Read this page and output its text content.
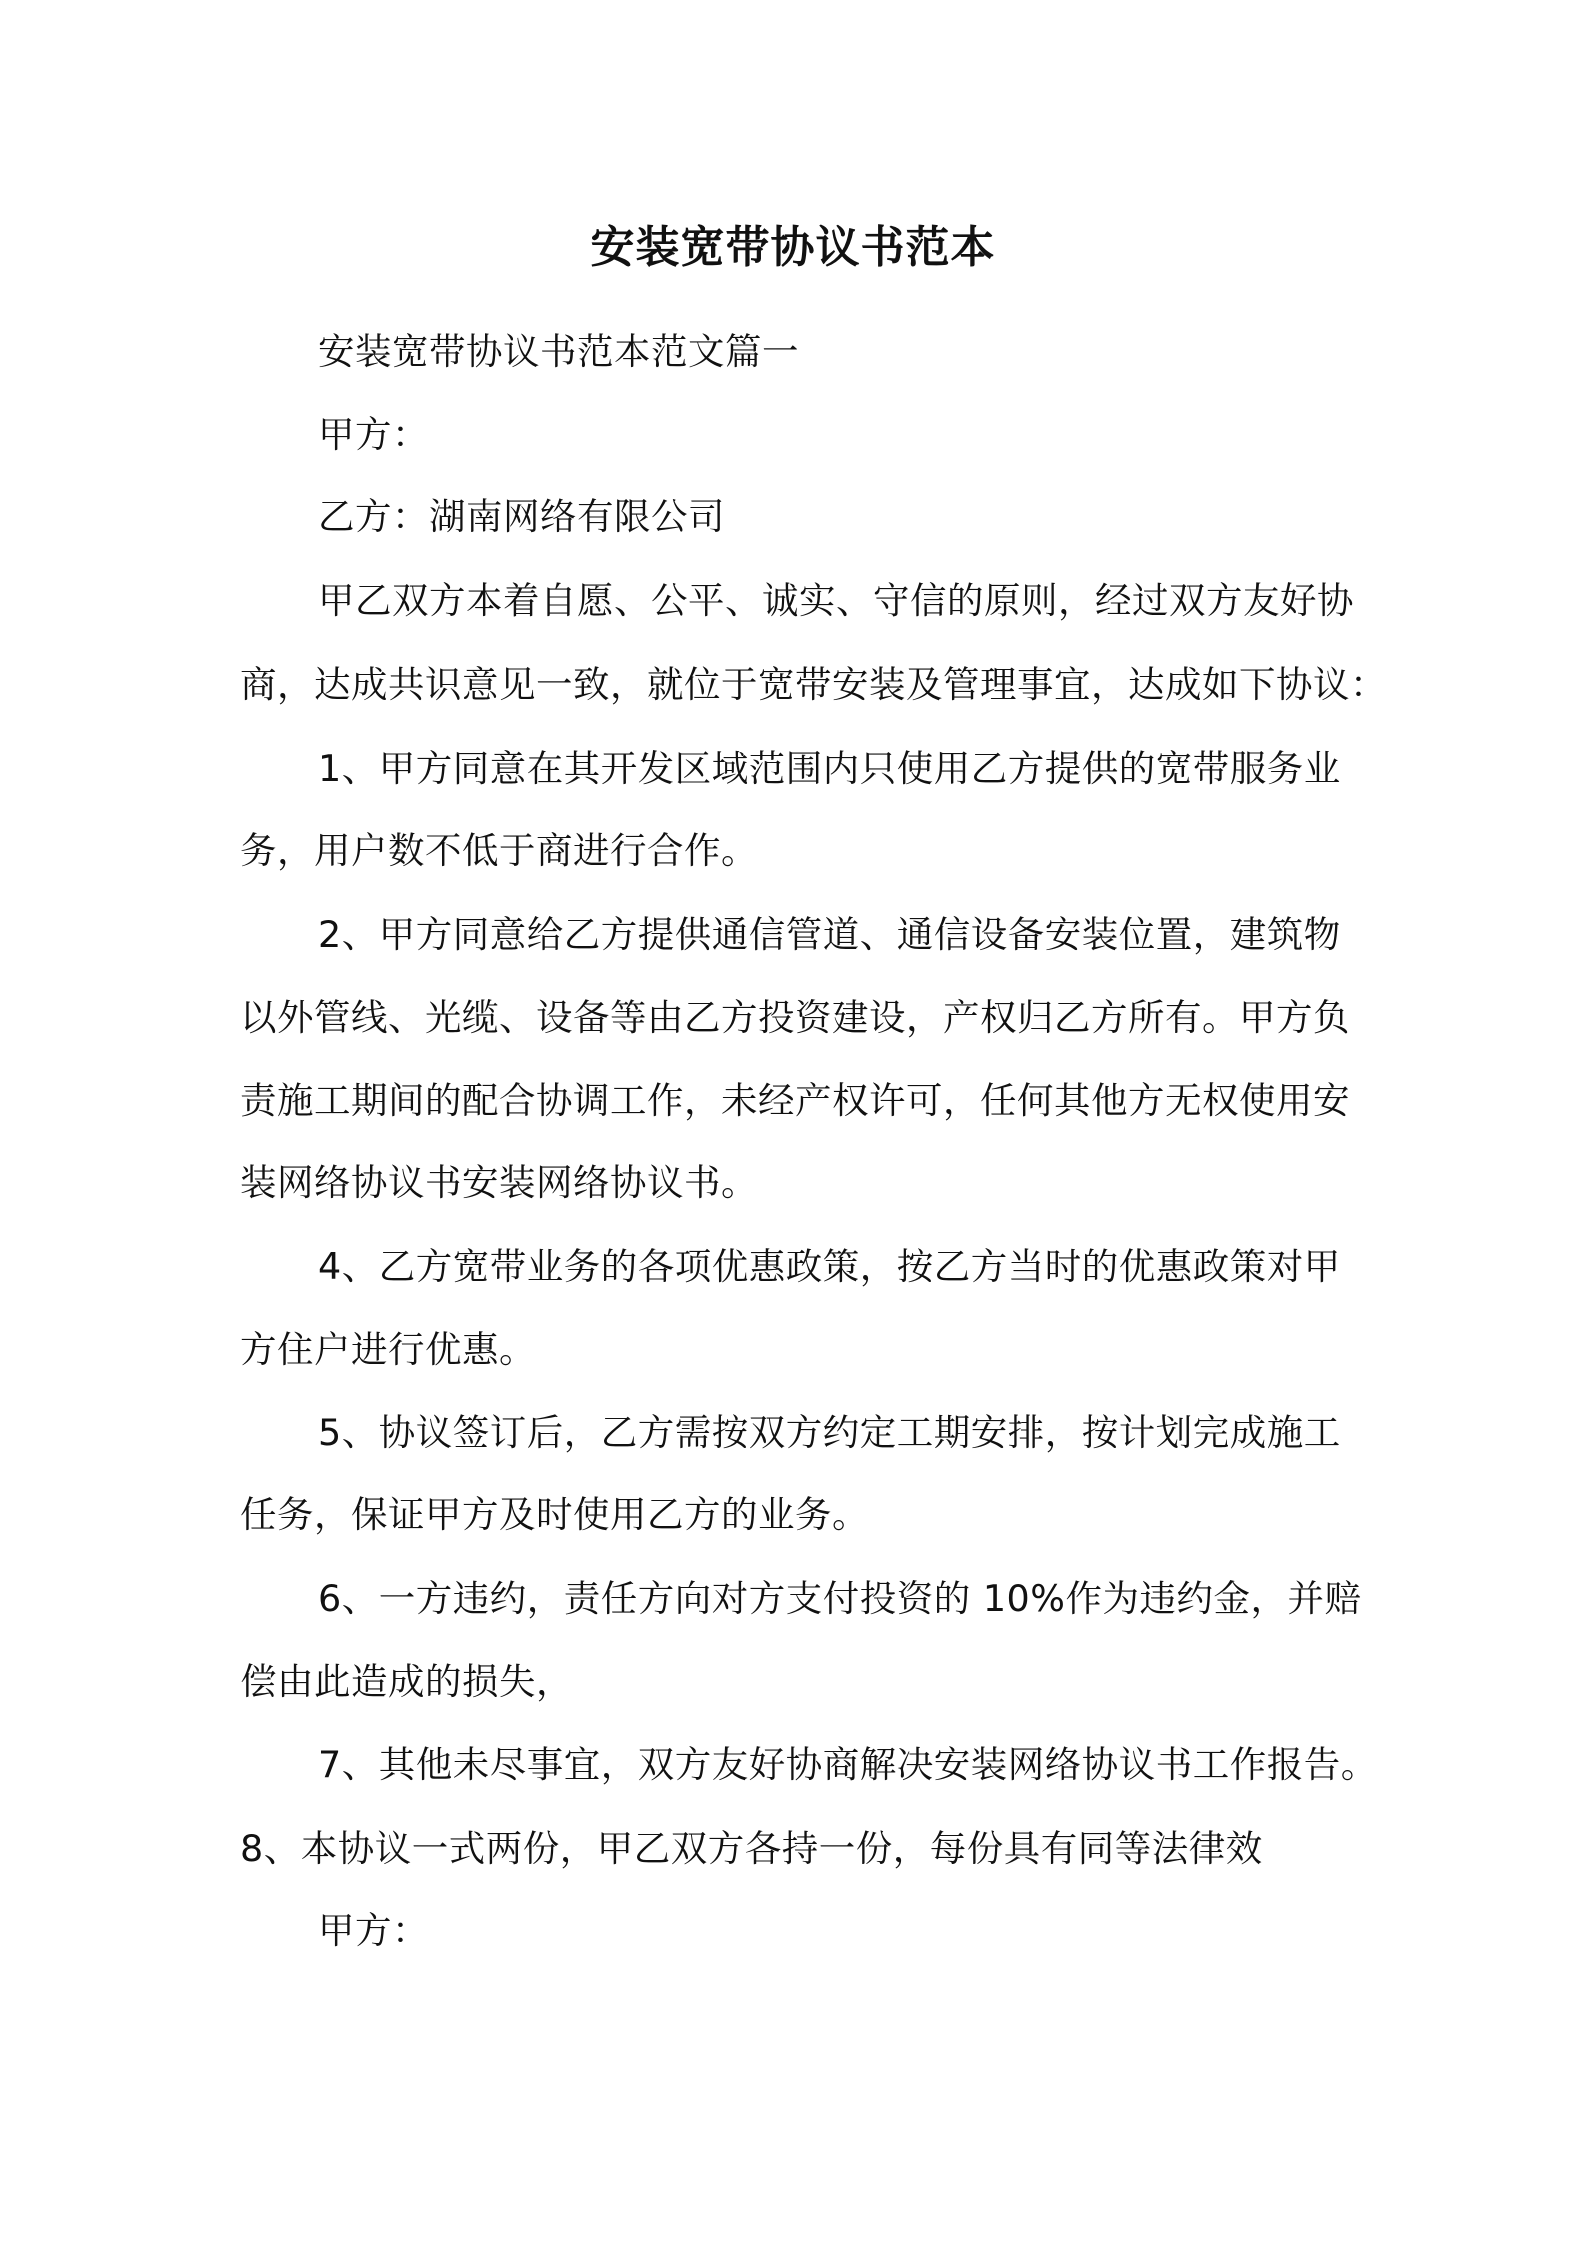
安装宽带协议书范本
安装宽带协议书范本范文篇一
甲方：
乙方：湖南网络有限公司
甲乙双方本着自愿、公平、诚实、守信的原则，经过双方友好协
商，达成共识意见一致，就位于宽带安装及管理事宜，达成如下协议：
1、甲方同意在其开发区域范围内只使用乙方提供的宽带服务业
务，用户数不低于商进行合作。
2、甲方同意给乙方提供通信管道、通信设备安装位置，建筑物
以外管线、光缆、设备等由乙方投资建设，产权归乙方所有。甲方负
责施工期间的配合协调工作，未经产权许可，任何其他方无权使用安
装网络协议书安装网络协议书。
4、乙方宽带业务的各项优惠政策，按乙方当时的优惠政策对甲
方住户进行优惠。
5、协议签订后，乙方需按双方约定工期安排，按计划完成施工
任务，保证甲方及时使用乙方的业务。
6、一方违约，责任方向对方支付投资的 10%作为违约金，并赔
偿由此造成的损失，
7、其他未尽事宜，双方友好协商解决安装网络协议书工作报告。
8、本协议一式两份，甲乙双方各持一份，每份具有同等法律效
甲方：
